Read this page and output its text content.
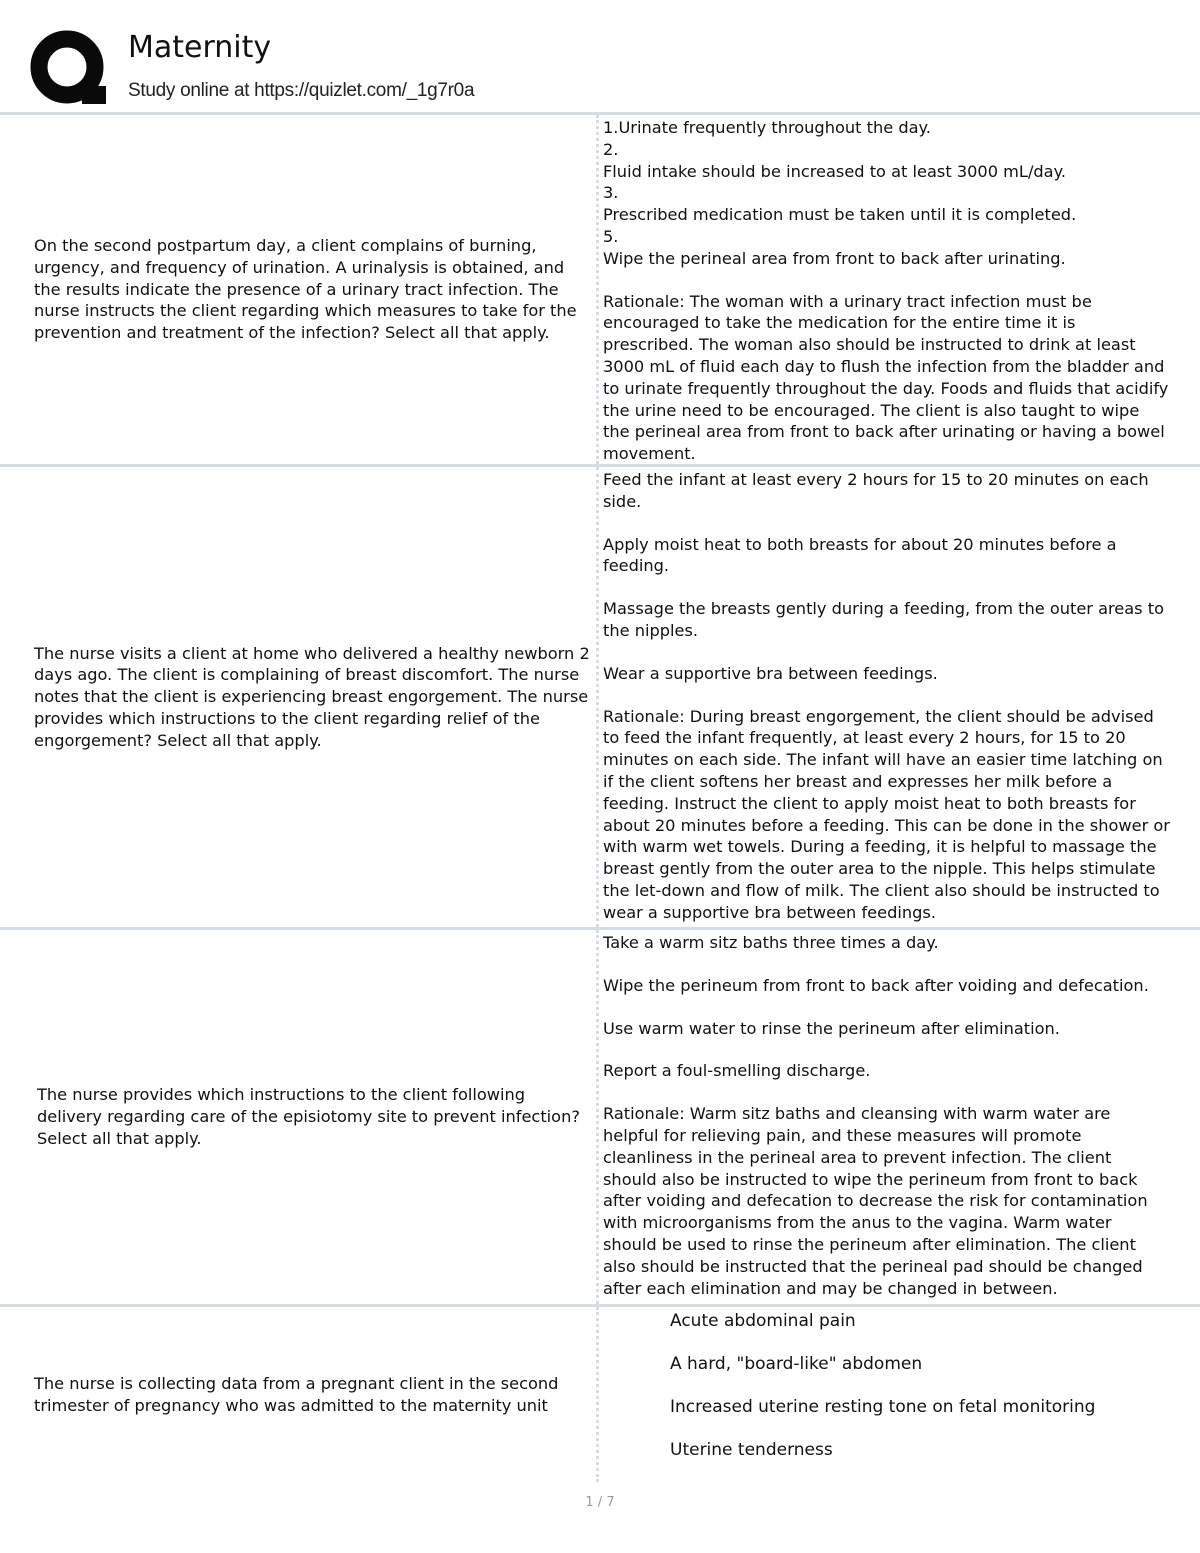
Maternity
Study online at https://quizlet.com/_1g7r0a
On the second postpartum day, a client complains of burning, urgency, and frequency of urination. A urinalysis is obtained, and the results indicate the presence of a urinary tract infection. The nurse instructs the client regarding which measures to take for the prevention and treatment of the infection? Select all that apply.
1.Urinate frequently throughout the day.
2.
Fluid intake should be increased to at least 3000 mL/day.
3.
Prescribed medication must be taken until it is completed.
5.
Wipe the perineal area from front to back after urinating.
Rationale: The woman with a urinary tract infection must be encouraged to take the medication for the entire time it is prescribed. The woman also should be instructed to drink at least 3000 mL of fluid each day to flush the infection from the bladder and to urinate frequently throughout the day. Foods and fluids that acidify the urine need to be encouraged. The client is also taught to wipe the perineal area from front to back after urinating or having a bowel movement.
The nurse visits a client at home who delivered a healthy newborn 2 days ago. The client is complaining of breast discomfort. The nurse notes that the client is experiencing breast engorgement. The nurse provides which instructions to the client regarding relief of the engorgement? Select all that apply.
Feed the infant at least every 2 hours for 15 to 20 minutes on each side.
Apply moist heat to both breasts for about 20 minutes before a feeding.
Massage the breasts gently during a feeding, from the outer areas to the nipples.
Wear a supportive bra between feedings.
Rationale: During breast engorgement, the client should be advised to feed the infant frequently, at least every 2 hours, for 15 to 20 minutes on each side. The infant will have an easier time latching on if the client softens her breast and expresses her milk before a feeding. Instruct the client to apply moist heat to both breasts for about 20 minutes before a feeding. This can be done in the shower or with warm wet towels. During a feeding, it is helpful to massage the breast gently from the outer area to the nipple. This helps stimulate the let-down and flow of milk. The client also should be instructed to wear a supportive bra between feedings.
The nurse provides which instructions to the client following delivery regarding care of the episiotomy site to prevent infection? Select all that apply.
Take a warm sitz baths three times a day.
Wipe the perineum from front to back after voiding and defecation.
Use warm water to rinse the perineum after elimination.
Report a foul-smelling discharge.
Rationale: Warm sitz baths and cleansing with warm water are helpful for relieving pain, and these measures will promote cleanliness in the perineal area to prevent infection. The client should also be instructed to wipe the perineum from front to back after voiding and defecation to decrease the risk for contamination with microorganisms from the anus to the vagina. Warm water should be used to rinse the perineum after elimination. The client also should be instructed that the perineal pad should be changed after each elimination and may be changed in between.
The nurse is collecting data from a pregnant client in the second trimester of pregnancy who was admitted to the maternity unit
Acute abdominal pain
A hard, "board-like" abdomen
Increased uterine resting tone on fetal monitoring
Uterine tenderness
1 / 7
